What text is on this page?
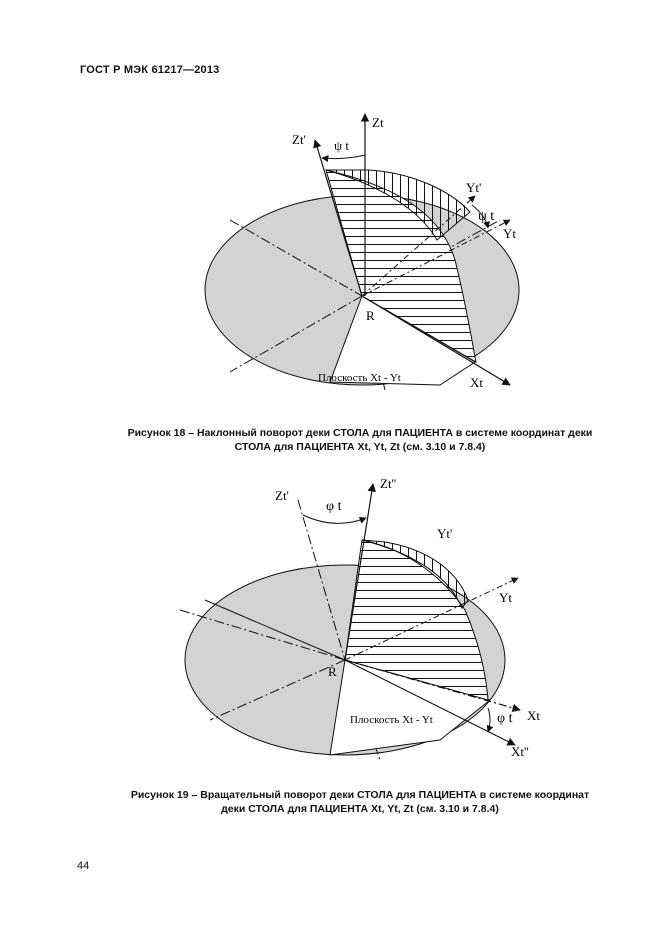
ГОСТ Р МЭК 61217—2013
Zt
Zt' ψ t
Yt'
ψ t
Yt
R
Плоскость Xt - Yt	Xt
Рисунок 18 – Наклонный поворот деки СТОЛА для ПАЦИЕНТА в системе координат деки
СТОЛА для ПАЦИЕНТА Xt, Yt, Zt (см. 3.10 и 7.8.4)
Zt'
φ t
Zt''
Yt'
Yt
R
Плоскость Xt - Yt	φ t Xt
Xt''
Рисунок 19 – Вращательный поворот деки СТОЛА для ПАЦИЕНТА в системе координат
деки СТОЛА для ПАЦИЕНТА Xt, Yt, Zt (см. 3.10 и 7.8.4)
44
